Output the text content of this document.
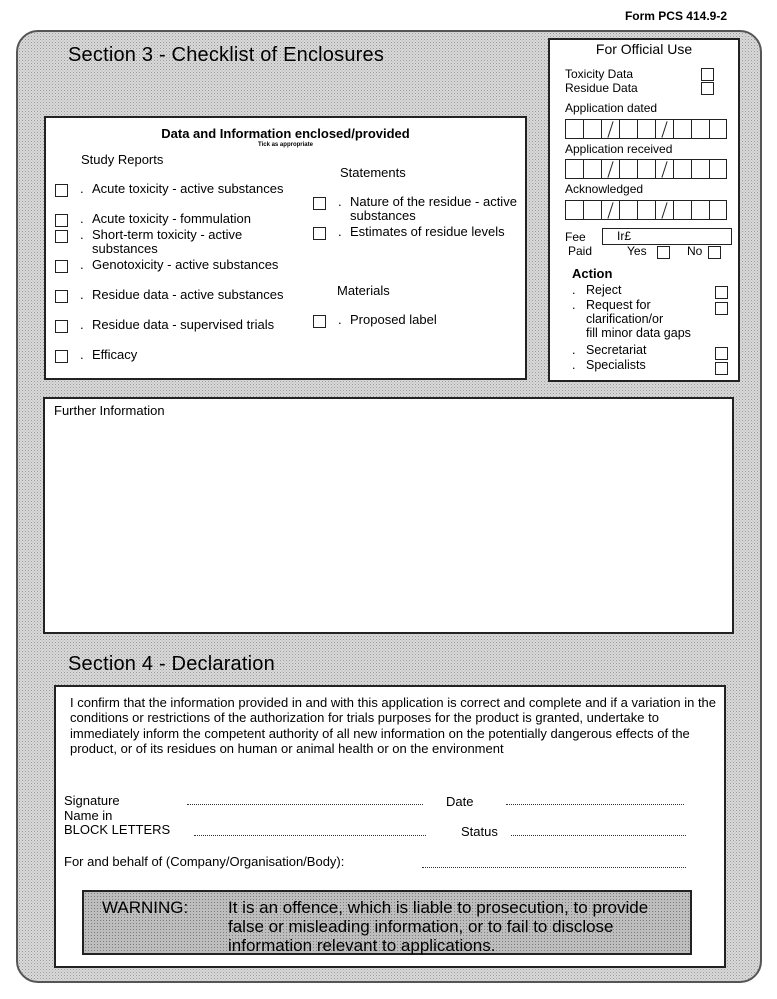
Form PCS 414.9-2
Section 3 - Checklist of Enclosures
Data and Information enclosed/provided
Tick as appropriate
Study Reports
. Acute toxicity - active substances
. Acute toxicity - fommulation
. Short-term toxicity - active substances
. Genotoxicity - active substances
. Residue data - active substances
. Residue data - supervised trials
. Efficacy
Statements
. Nature of the residue - active substances
. Estimates of residue levels
Materials
. Proposed label
For Official Use
Toxicity Data
Residue Data
Application dated
Application received
Acknowledged
Fee	Ir£
Paid	Yes	No
Action
. Reject
. Request for
clarification/or
fill minor data gaps
. Secretariat
. Specialists
Further Information
Section 4 - Declaration
I confirm that the information provided in and with this application is correct and complete and if a variation in the conditions or restrictions of the authorization for trials purposes for the product is granted, undertake to immediately inform the competent authority of all new information on the potentially dangerous effects of the product, or of its residues on human or animal health or on the environment
Signature	Date
Name in
BLOCK LETTERS	Status
For and behalf of (Company/Organisation/Body):
WARNING: It is an offence, which is liable to prosecution, to provide false or misleading information, or to fail to disclose information relevant to applications.
